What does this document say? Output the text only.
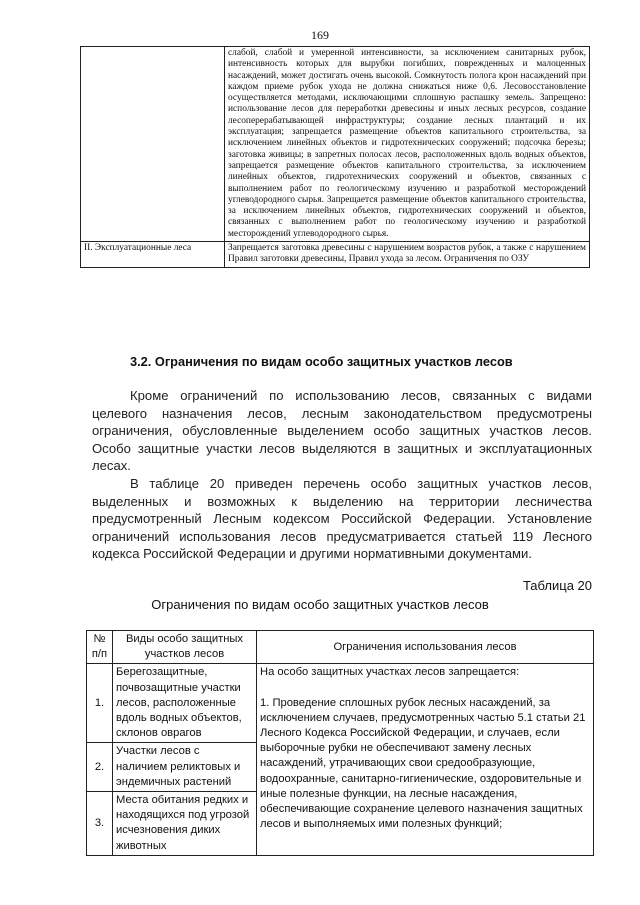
169
	слабой, слабой и умеренной интенсивности, за исключением санитарных рубок, интенсивность которых для вырубки погибших, поврежденных и малоценных насаждений, может достигать очень высокой. Сомкнутость полога крон насаждений при каждом приеме рубок ухода не должна снижаться ниже 0,6. Лесовосстановление осуществляется методами, исключающими сплошную распашку земель. Запрещено: использование лесов для переработки древесины и иных лесных ресурсов, создание лесоперерабатывающей инфраструктуры; создание лесных плантаций и их эксплуатация; запрещается размещение объектов капитального строительства, за исключением линейных объектов и гидротехнических сооружений; подсочка березы; заготовка живицы; в запретных полосах лесов, расположенных вдоль водных объектов, запрещается размещение объектов капитального строительства, за исключением линейных объектов, гидротехнических сооружений и объектов, связанных с выполнением работ по геологическому изучению и разработкой месторождений углеводородного сырья. Запрещается размещение объектов капитального строительства, за исключением линейных объектов, гидротехнических сооружений и объектов, связанных с выполнением работ по геологическому изучению и разработкой месторождений углеводородного сырья.
II. Эксплуатационные леса	Запрещается заготовка древесины с нарушением возрастов рубок, а также с нарушением Правил заготовки древесины, Правил ухода за лесом. Ограничения по ОЗУ
3.2. Ограничения по видам особо защитных участков лесов
Кроме ограничений по использованию лесов, связанных с видами целевого назначения лесов, лесным законодательством предусмотрены ограничения, обусловленные выделением особо защитных участков лесов. Особо защитные участки лесов выделяются в защитных и эксплуатационных лесах.
В таблице 20 приведен перечень особо защитных участков лесов, выделенных и возможных к выделению на территории лесничества предусмотренный Лесным кодексом Российской Федерации. Установление ограничений использования лесов предусматривается статьей 119 Лесного кодекса Российской Федерации и другими нормативными документами.
Таблица 20
Ограничения по видам особо защитных участков лесов
№ п/п	Виды особо защитных участков лесов	Ограничения использования лесов
1.	Берегозащитные, почвозащитные участки лесов, расположенные вдоль водных объектов, склонов оврагов	На особо защитных участках лесов запрещается:
1. Проведение сплошных рубок лесных насаждений, за исключением случаев, предусмотренных частью 5.1 статьи 21 Лесного Кодекса Российской Федерации, и случаев, если выборочные рубки не обеспечивают замену лесных насаждений, утрачивающих свои средообразующие, водоохранные, санитарно-гигиенические, оздоровительные и иные полезные функции, на лесные насаждения, обеспечивающие сохранение целевого назначения защитных лесов и выполняемых ими полезных функций;

2.	Участки лесов с наличием реликтовых и эндемичных растений	
3.	Места обитания редких и находящихся под угрозой исчезновения диких животных	
